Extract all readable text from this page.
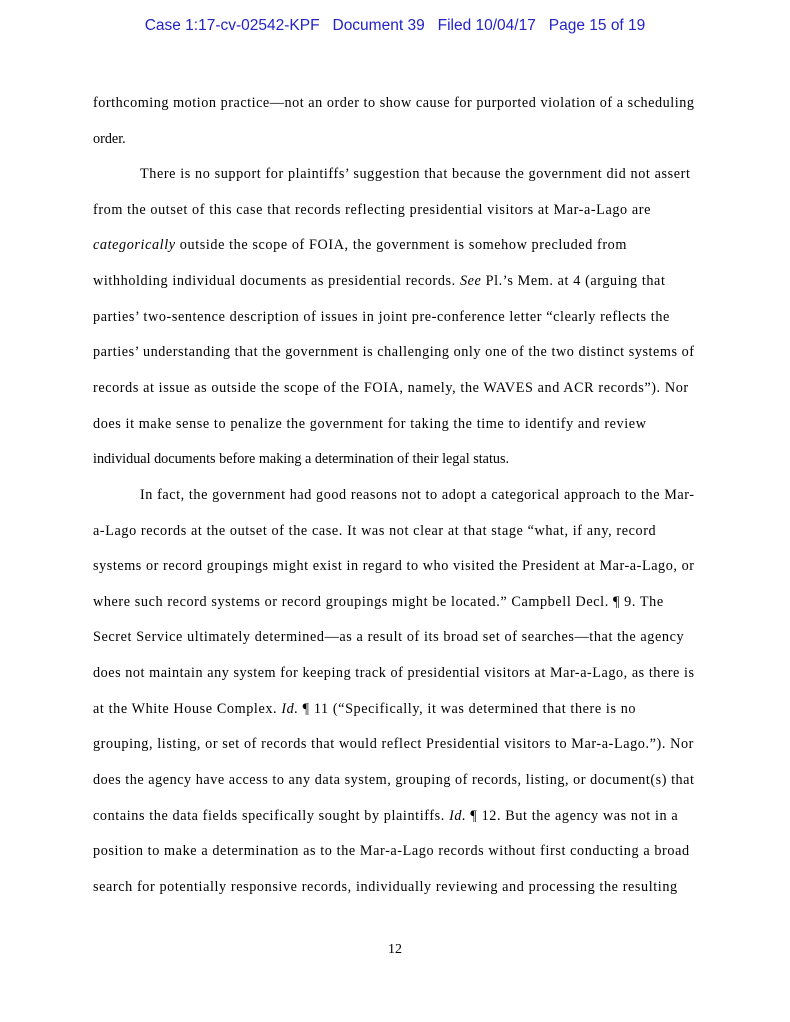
Case 1:17-cv-02542-KPF   Document 39   Filed 10/04/17   Page 15 of 19
forthcoming motion practice—not an order to show cause for purported violation of a scheduling
order.
There is no support for plaintiffs’ suggestion that because the government did not assert
from the outset of this case that records reflecting presidential visitors at Mar-a-Lago are
categorically outside the scope of FOIA, the government is somehow precluded from
withholding individual documents as presidential records. See Pl.’s Mem. at 4 (arguing that
parties’ two-sentence description of issues in joint pre-conference letter “clearly reflects the
parties’ understanding that the government is challenging only one of the two distinct systems of
records at issue as outside the scope of the FOIA, namely, the WAVES and ACR records”). Nor
does it make sense to penalize the government for taking the time to identify and review
individual documents before making a determination of their legal status.
In fact, the government had good reasons not to adopt a categorical approach to the Mar-
a-Lago records at the outset of the case. It was not clear at that stage “what, if any, record
systems or record groupings might exist in regard to who visited the President at Mar-a-Lago, or
where such record systems or record groupings might be located.” Campbell Decl. ¶ 9. The
Secret Service ultimately determined—as a result of its broad set of searches—that the agency
does not maintain any system for keeping track of presidential visitors at Mar-a-Lago, as there is
at the White House Complex. Id. ¶ 11 (“Specifically, it was determined that there is no
grouping, listing, or set of records that would reflect Presidential visitors to Mar-a-Lago.”). Nor
does the agency have access to any data system, grouping of records, listing, or document(s) that
contains the data fields specifically sought by plaintiffs. Id. ¶ 12. But the agency was not in a
position to make a determination as to the Mar-a-Lago records without first conducting a broad
search for potentially responsive records, individually reviewing and processing the resulting
12
